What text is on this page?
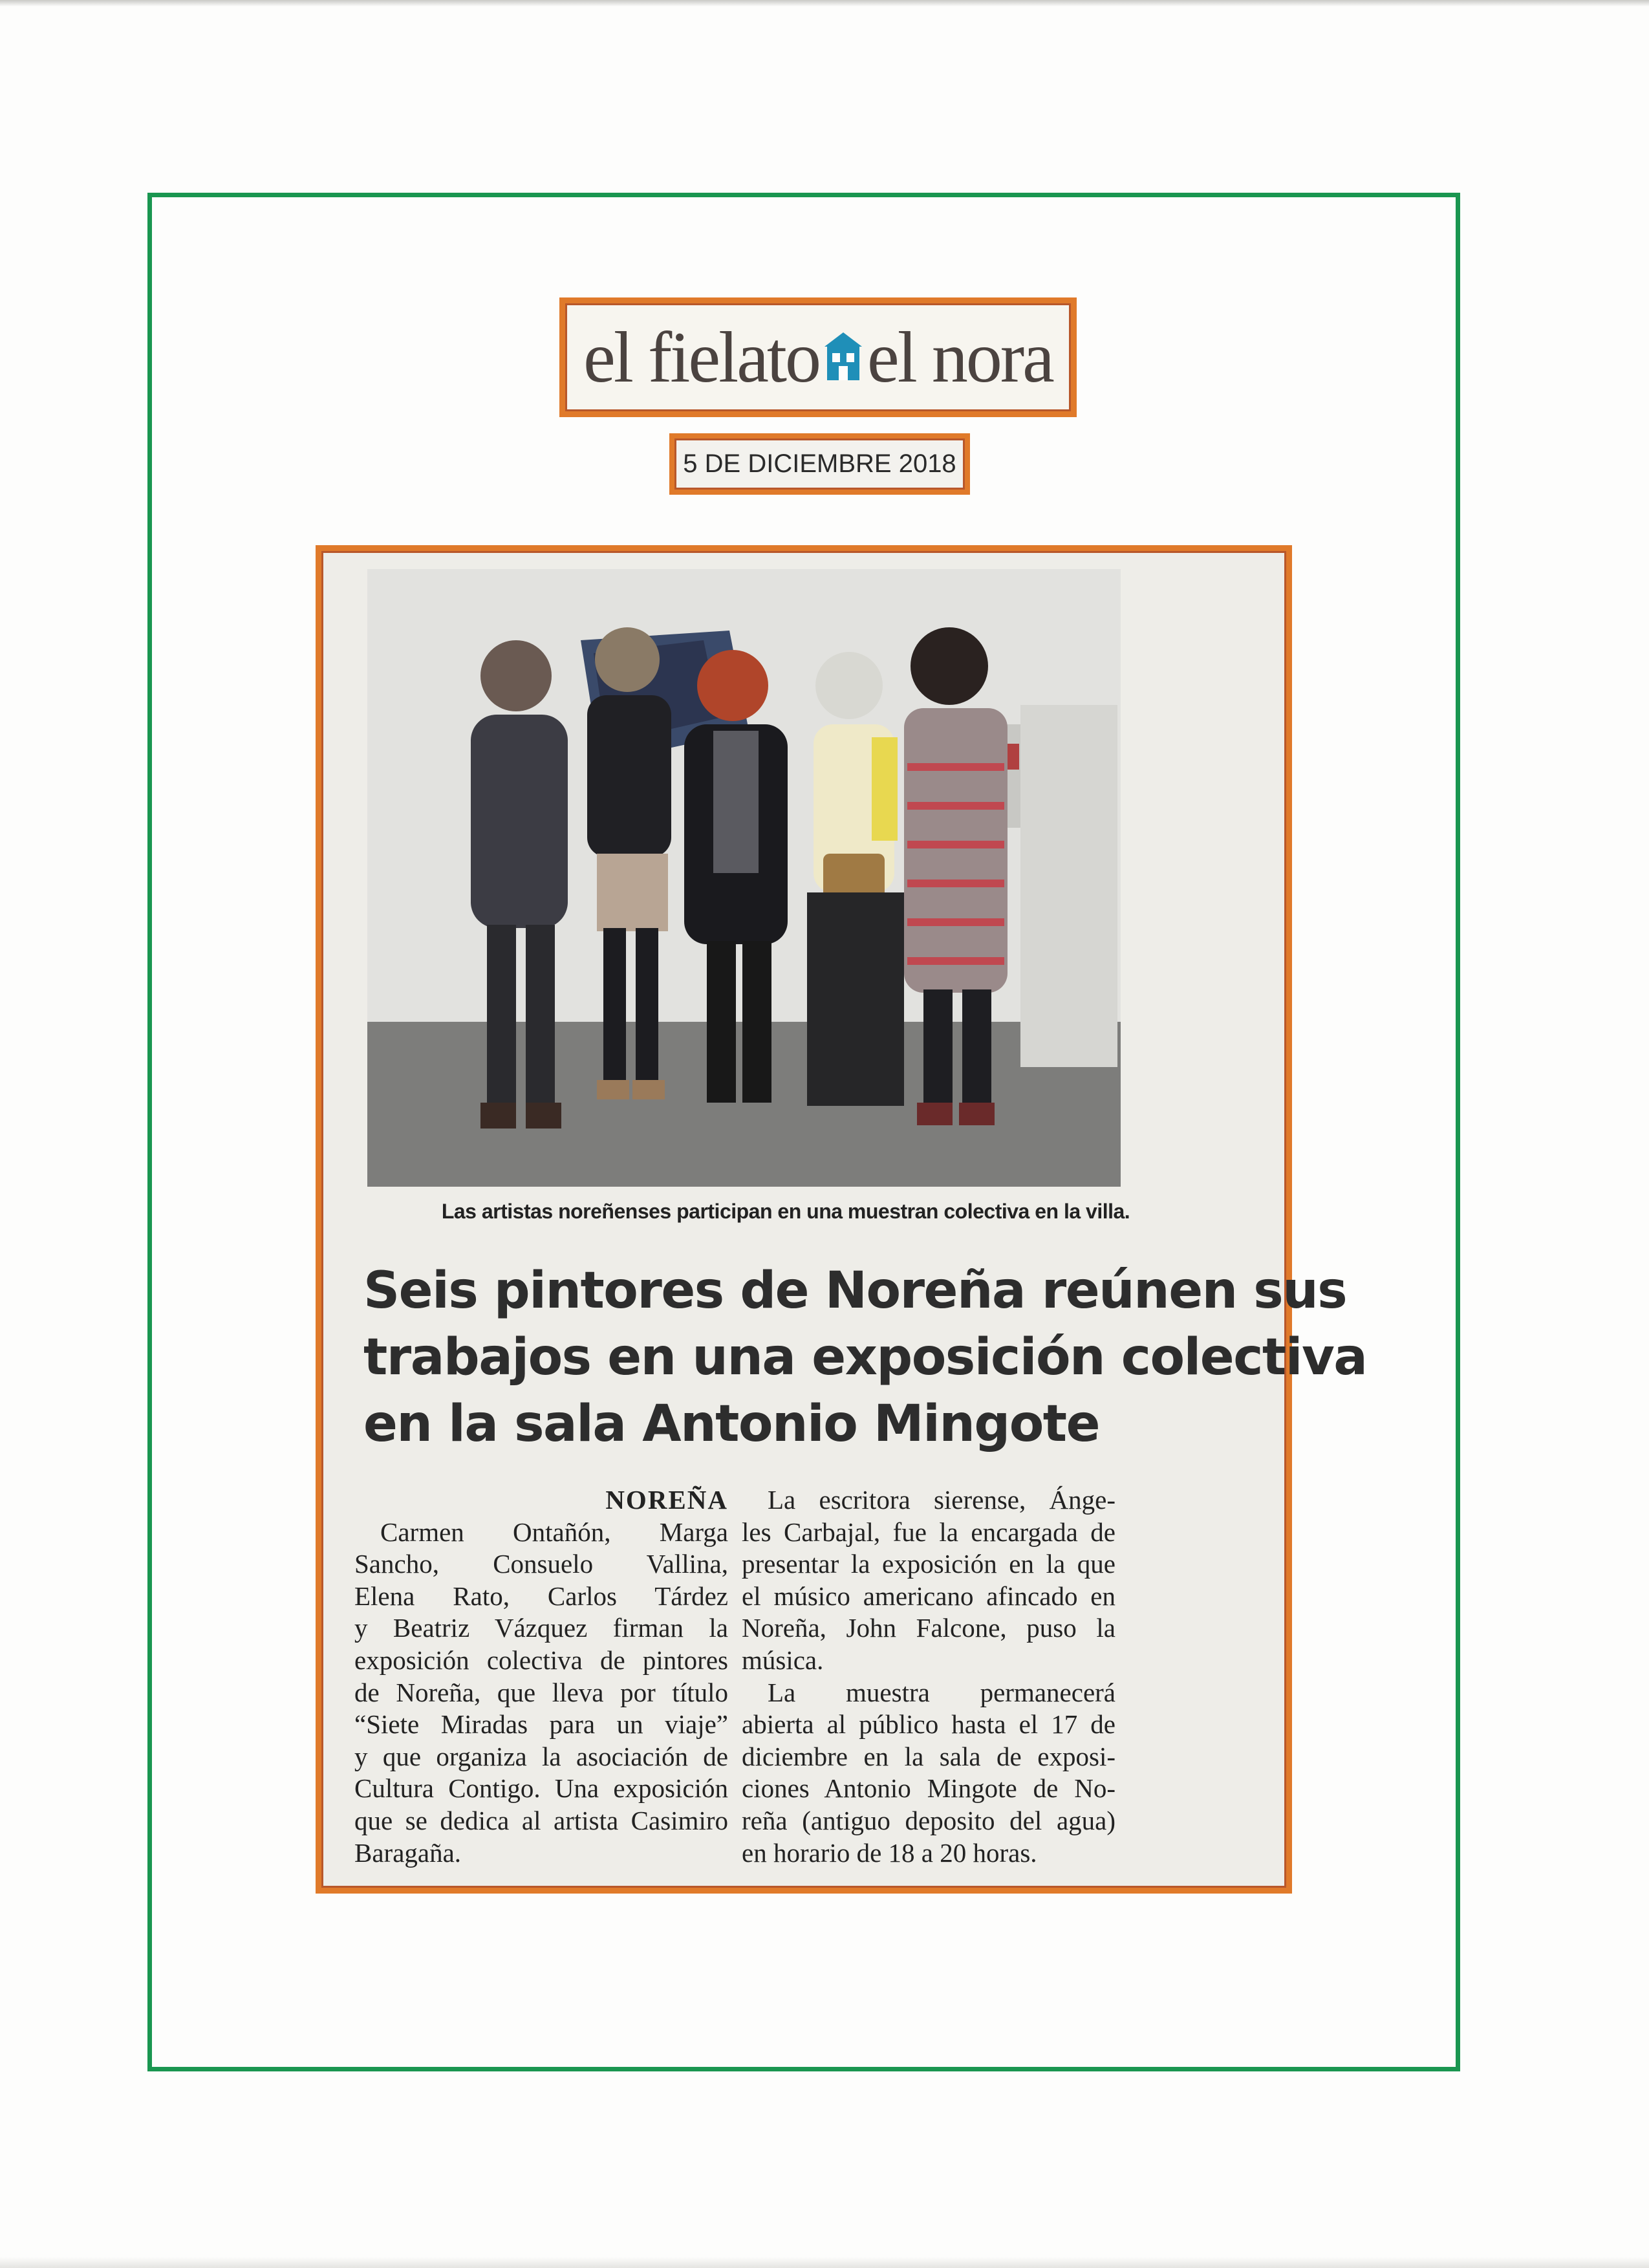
el fielato el nora
5 DE DICIEMBRE 2018
Las artistas noreñenses participan en una muestran colectiva en la villa.
Seis pintores de Noreña reúnen sus
trabajos en una exposición colectiva
en la sala Antonio Mingote
NOREÑA
Carmen Ontañón, Marga
Sancho, Consuelo Vallina,
Elena Rato, Carlos Tárdez
y Beatriz Vázquez firman la
exposición colectiva de pintores
de Noreña, que lleva por título
“Siete Miradas para un viaje”
y que organiza la asociación de
Cultura Contigo. Una exposición
que se dedica al artista Casimiro
Baragaña.
La escritora sierense, Ánge-
les Carbajal, fue la encargada de
presentar la exposición en la que
el músico americano afincado en
Noreña, John Falcone, puso la
música.
La muestra permanecerá
abierta al público hasta el 17 de
diciembre en la sala de exposi-
ciones Antonio Mingote de No-
reña (antiguo deposito del agua)
en horario de 18 a 20 horas.
